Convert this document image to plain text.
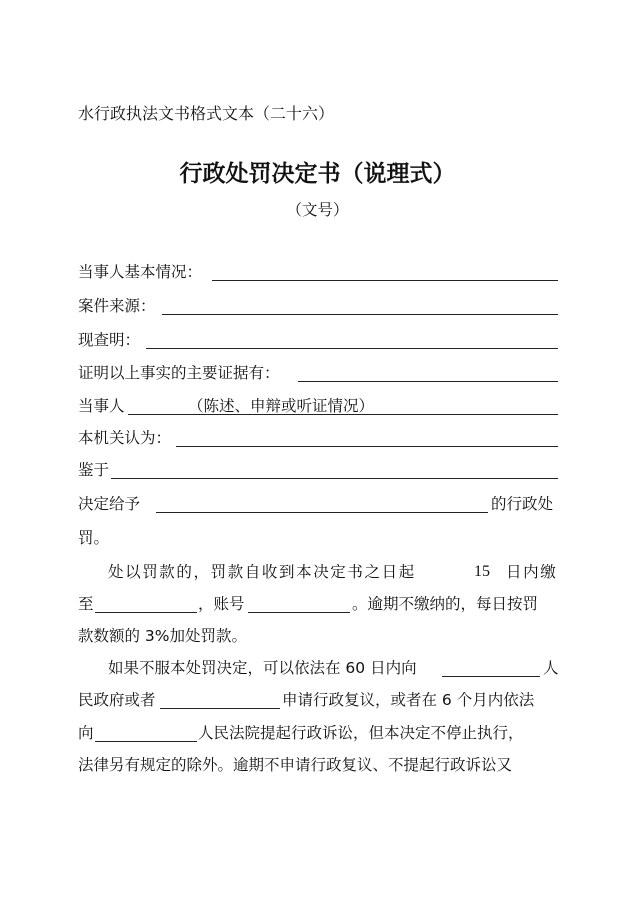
水行政执法文书格式文本（二十六）
行政处罚决定书（说理式）
（文号）
当事人基本情况：
案件来源：
现查明：
证明以上事实的主要证据有：
当事人	（陈述、申辩或听证情况）
本机关认为：
鉴于
决定给予	的行政处
罚。
处以罚款的，罚款自收到本决定书之日起	15 日内缴
至	，账号	。逾期不缴纳的，每日按罚
款数额的 3%加处罚款。
如果不服本处罚决定，可以依法在 60 日内向	人
民政府或者	申请行政复议，或者在 6 个月内依法
向	人民法院提起行政诉讼，但本决定不停止执行，
法律另有规定的除外。逾期不申请行政复议、不提起行政诉讼又
